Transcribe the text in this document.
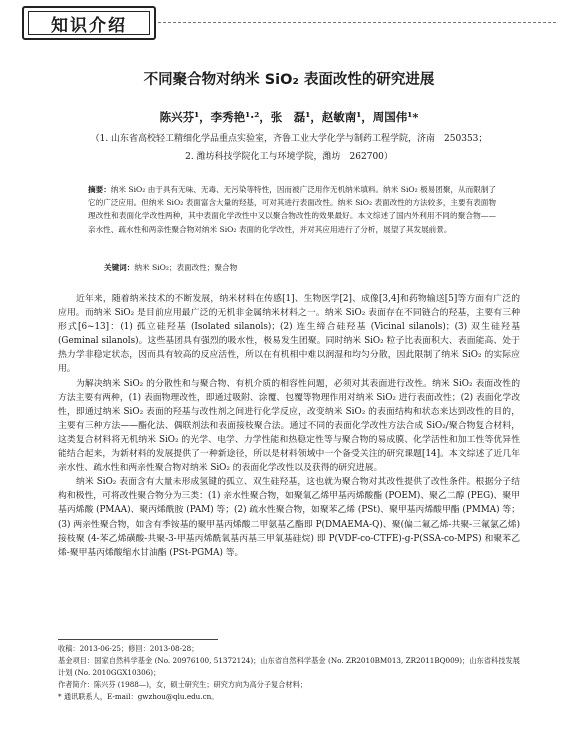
知识介绍
不同聚合物对纳米 SiO₂ 表面改性的研究进展
陈兴芬¹，李秀艳¹·²，张　磊¹，赵敏南¹，周国伟¹*
（1. 山东省高校轻工精细化学品重点实验室，齐鲁工业大学化学与制药工程学院，济南　250353；
2. 潍坊科技学院化工与环境学院，潍坊　262700）
摘要：纳米 SiO₂ 由于具有无味、无毒、无污染等特性，因而被广泛用作无机纳米填料。纳米 SiO₂ 极易团聚，从而限制了它的广泛应用。但纳米 SiO₂ 表面富含大量的羟基，可对其进行表面改性。纳米 SiO₂ 表面改性的方法较多，主要有表面物理改性和表面化学改性两种，其中表面化学改性中又以聚合物改性的效果最好。本文综述了国内外利用不同的聚合物——亲水性、疏水性和两亲性聚合物对纳米 SiO₂ 表面的化学改性，并对其应用进行了分析，展望了其发展前景。
关键词：纳米 SiO₂；表面改性；聚合物

近年来，随着纳米技术的不断发展，纳米材料在传感[1]、生物医学[2]、成像[3,4]和药物输送[5]等方面有广泛的应用。而纳米 SiO₂ 是目前应用最广泛的无机非金属纳米材料之一。纳米 SiO₂ 表面存在不同链合的羟基，主要有三种形式[6~13]：(1) 孤立硅羟基 (Isolated silanols)；(2) 连生缔合硅羟基 (Vicinal silanols)；(3) 双生硅羟基 (Geminal silanols)。这些基团具有强烈的吸水性，极易发生团聚。同时纳米 SiO₂ 粒子比表面积大、表面能高、处于热力学非稳定状态，因而具有较高的反应活性，所以在有机相中难以润湿和均匀分散，因此限制了纳米 SiO₂ 的实际应用。

为解决纳米 SiO₂ 的分散性和与聚合物、有机介质的相容性问题，必须对其表面进行改性。纳米 SiO₂ 表面改性的方法主要有两种，(1) 表面物理改性，即通过吸附、涂覆、包覆等物理作用对纳米 SiO₂ 进行表面改性；(2) 表面化学改性，即通过纳米 SiO₂ 表面的羟基与改性剂之间进行化学反应，改变纳米 SiO₂ 的表面结构和状态来达到改性的目的，主要有三种方法——酯化法、偶联剂法和表面接枝聚合法。通过不同的表面化学改性方法合成 SiO₂/聚合物复合材料，这类复合材料将无机纳米 SiO₂ 的光学、电学、力学性能和热稳定性等与聚合物的易成膜、化学活性和加工性等优异性能结合起来，为新材料的发展提供了一种新途径，所以是材料领域中一个备受关注的研究课题[14]。本文综述了近几年亲水性、疏水性和两亲性聚合物对纳米 SiO₂ 的表面化学改性以及获得的研究进展。

纳米 SiO₂ 表面含有大量未形成氢键的孤立、双生硅羟基，这也就为聚合物对其改性提供了改性条件。根据分子结构和极性，可将改性聚合物分为三类：(1) 亲水性聚合物，如聚氧乙烯甲基丙烯酸酯 (POEM)、聚乙二醇 (PEG)、聚甲基丙烯酸 (PMAA)、聚丙烯酰胺 (PAM) 等；(2) 疏水性聚合物，如聚苯乙烯 (PSt)、聚甲基丙烯酸甲酯 (PMMA) 等；(3) 两亲性聚合物，如含有季铵基的聚甲基丙烯酸二甲氨基乙酯即 P(DMAEMA-Q)、聚(偏二氟乙烯-共聚-三氟氯乙烯) 接枝聚 (4-苯乙烯磺酸-共聚-3-甲基丙烯酰氧基丙基三甲氧基硅烷) 即 P(VDF-co-CTFE)-g-P(SSA-co-MPS) 和聚苯乙烯-聚甲基丙烯酸缩水甘油酯 (PSt-PGMA) 等。

收稿：2013-06-25；修回：2013-08-28；
基金项目：国家自然科学基金 (No. 20976100, 51372124)；山东省自然科学基金 (No. ZR2010BM013, ZR2011BQ009)；山东省科技发展计划 (No. 2010GGX10306)；
作者简介：陈兴芬 (1988—)，女，硕士研究生；研究方向为高分子复合材料；
* 通讯联系人，E-mail：gwzhou@qlu.edu.cn。
